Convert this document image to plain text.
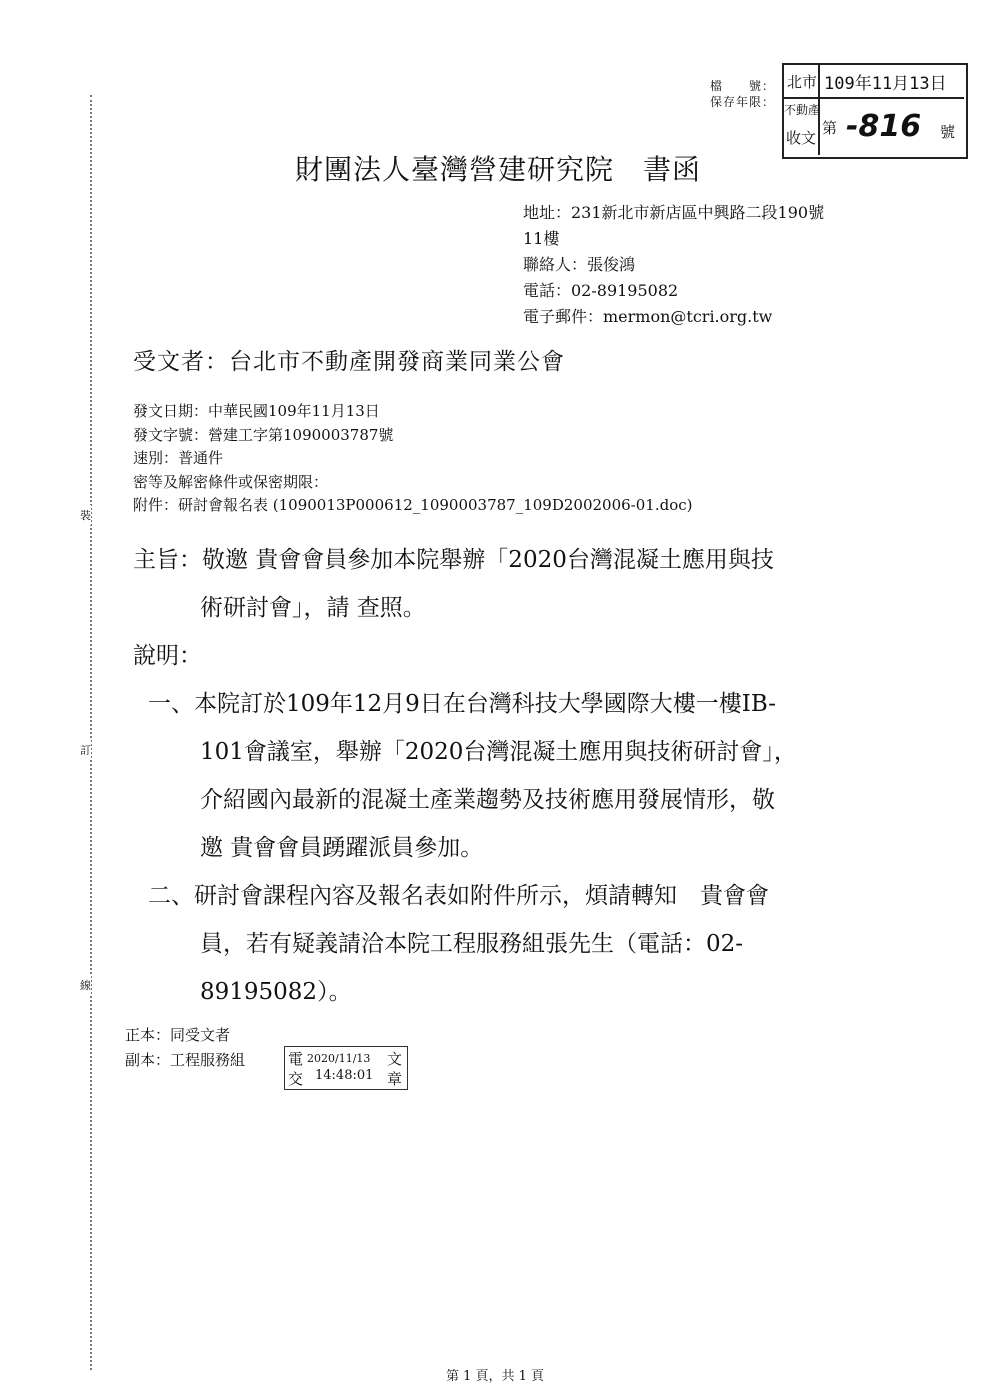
裝
訂
線
檔　　號：
保存年限：
北市
不動產
收文
109年11月13日
第 -816 號
財團法人臺灣營建研究院　書函
地址：231新北市新店區中興路二段190號
11樓
聯絡人：張俊鴻
電話：02-89195082
電子郵件：mermon@tcri.org.tw
受文者：台北市不動產開發商業同業公會
發文日期：中華民國109年11月13日
發文字號：營建工字第1090003787號
速別：普通件
密等及解密條件或保密期限：
附件：研討會報名表 (1090013P000612_1090003787_109D2002006-01.doc)
主旨：敬邀 貴會會員參加本院舉辦「2020台灣混凝土應用與技
術研討會」，請 查照。
說明：
一、本院訂於109年12月9日在台灣科技大學國際大樓一樓IB-
101會議室，舉辦「2020台灣混凝土應用與技術研討會」，
介紹國內最新的混凝土產業趨勢及技術應用發展情形，敬
邀 貴會會員踴躍派員參加。
二、研討會課程內容及報名表如附件所示，煩請轉知　貴會會
員，若有疑義請洽本院工程服務組張先生（電話：02-
89195082）。
正本：同受文者
副本：工程服務組	電
交
2020/11/13
14:48:01
文
章
第 1 頁，共 1 頁
